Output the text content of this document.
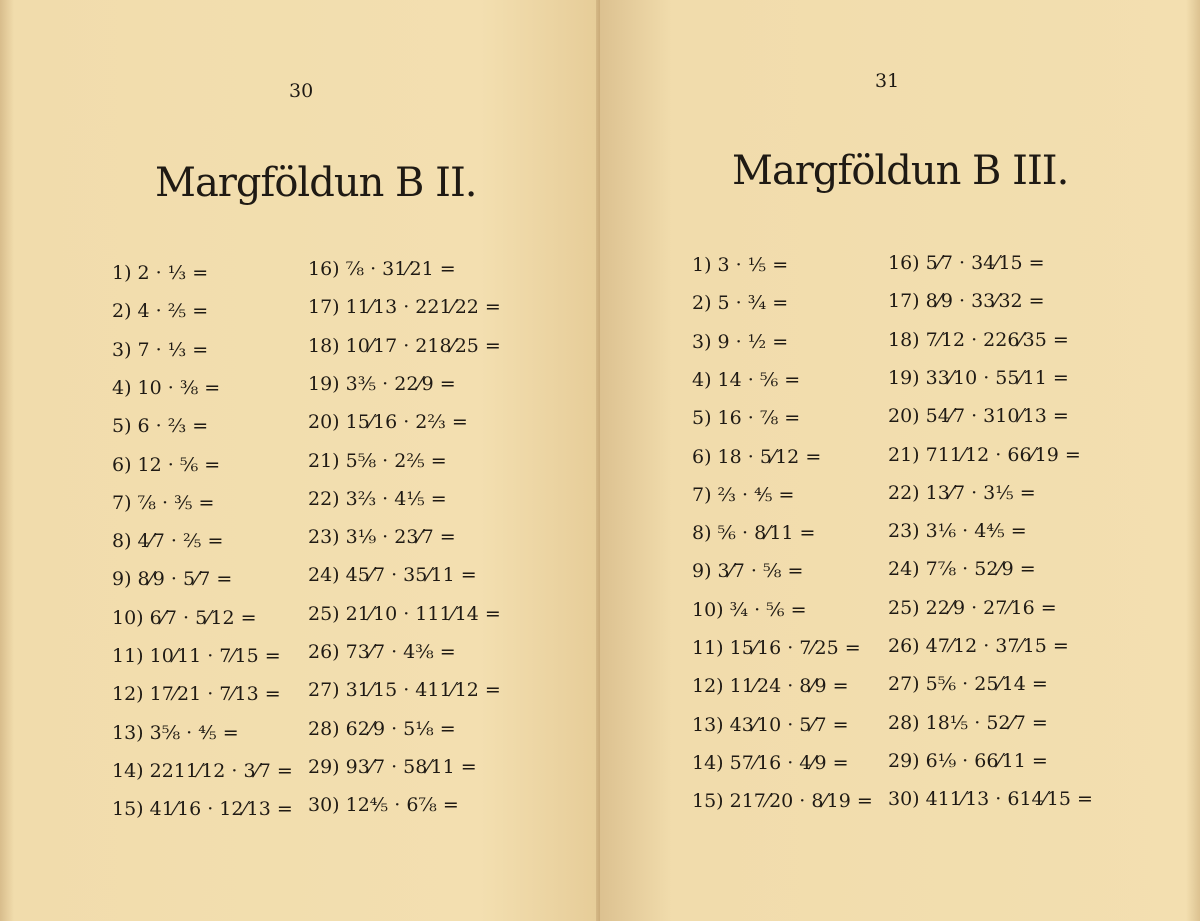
30
Margföldun B II.
1) 2 · ⅓ =
2) 4 · ⅖ =
3) 7 · ⅓ =
4) 10 · ⅜ =
5) 6 · ⅔ =
6) 12 · ⅚ =
7) ⅞ · ⅗ =
8) 4⁄7 · ⅖ =
9) 8⁄9 · 5⁄7 =
10) 6⁄7 · 5⁄12 =
11) 10⁄11 · 7⁄15 =
12) 17⁄21 · 7⁄13 =
13) 3⅝ · ⅘ =
14) 2211⁄12 · 3⁄7 =
15) 41⁄16 · 12⁄13 =
16) ⅞ · 31⁄21 =
17) 11⁄13 · 221⁄22 =
18) 10⁄17 · 218⁄25 =
19) 3⅗ · 22⁄9 =
20) 15⁄16 · 2⅔ =
21) 5⅝ · 2⅖ =
22) 3⅔ · 4⅕ =
23) 3⅑ · 23⁄7 =
24) 45⁄7 · 35⁄11 =
25) 21⁄10 · 111⁄14 =
26) 73⁄7 · 4⅜ =
27) 31⁄15 · 411⁄12 =
28) 62⁄9 · 5⅛ =
29) 93⁄7 · 58⁄11 =
30) 12⅘ · 6⅞ =
31
Margföldun B III.
1) 3 · ⅕ =
2) 5 · ¾ =
3) 9 · ½ =
4) 14 · ⅚ =
5) 16 · ⅞ =
6) 18 · 5⁄12 =
7) ⅔ · ⅘ =
8) ⅚ · 8⁄11 =
9) 3⁄7 · ⅝ =
10) ¾ · ⅚ =
11) 15⁄16 · 7⁄25 =
12) 11⁄24 · 8⁄9 =
13) 43⁄10 · 5⁄7 =
14) 57⁄16 · 4⁄9 =
15) 217⁄20 · 8⁄19 =
16) 5⁄7 · 34⁄15 =
17) 8⁄9 · 33⁄32 =
18) 7⁄12 · 226⁄35 =
19) 33⁄10 · 55⁄11 =
20) 54⁄7 · 310⁄13 =
21) 711⁄12 · 66⁄19 =
22) 13⁄7 · 3⅕ =
23) 3⅙ · 4⅘ =
24) 7⅞ · 52⁄9 =
25) 22⁄9 · 27⁄16 =
26) 47⁄12 · 37⁄15 =
27) 5⅚ · 25⁄14 =
28) 18⅕ · 52⁄7 =
29) 6⅑ · 66⁄11 =
30) 411⁄13 · 614⁄15 =
